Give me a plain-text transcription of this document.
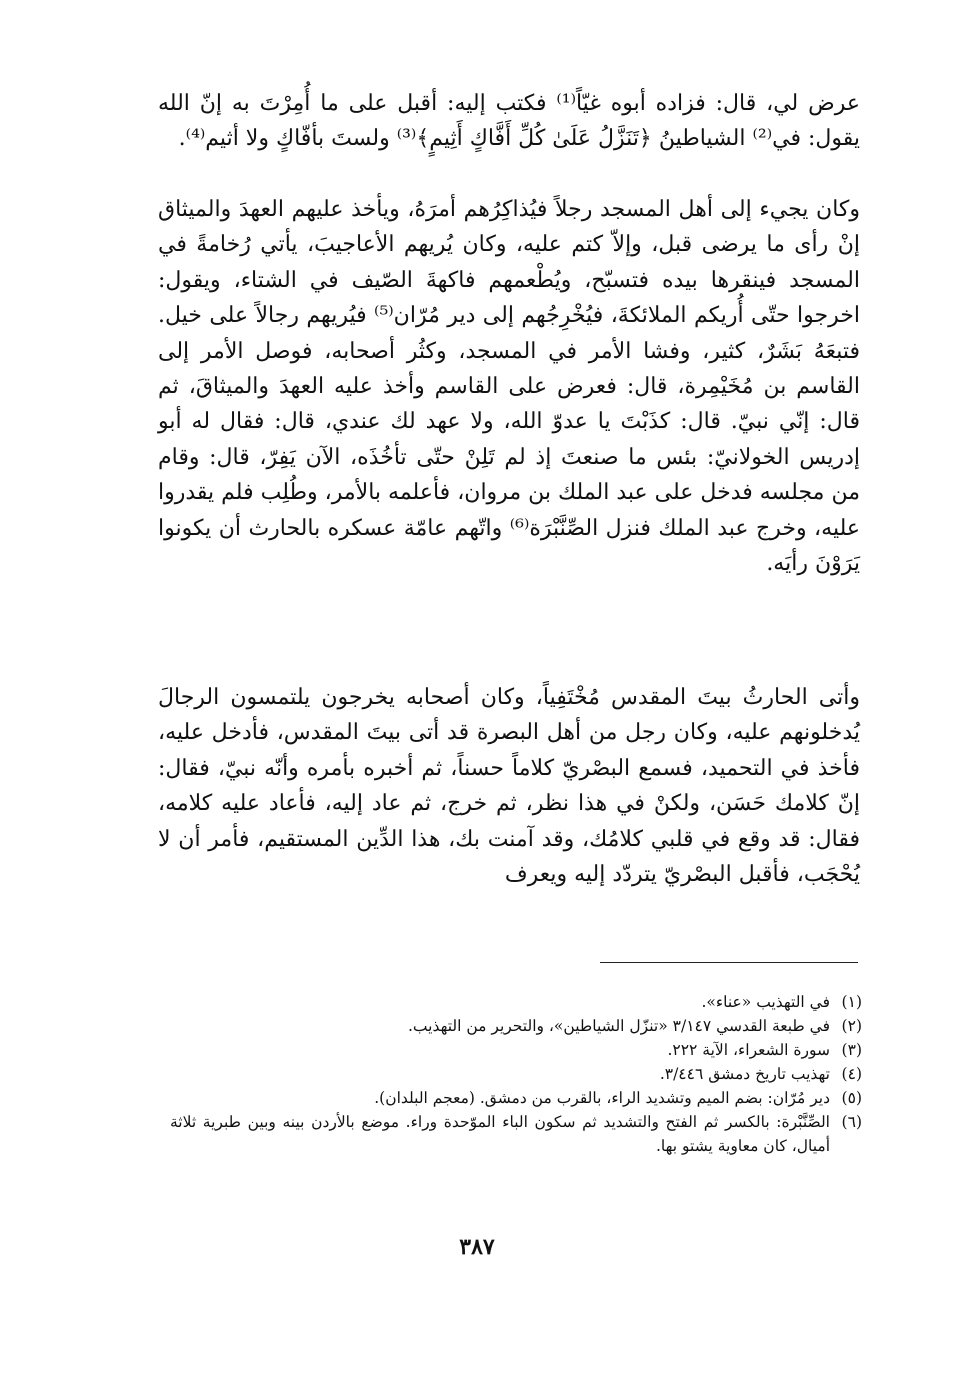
عرض لي، قال: فزاده أبوه غيّاً⁽¹⁾ فكتب إليه: أقبل على ما أُمِرْتَ به إنّ الله يقول: في⁽²⁾ الشياطينُ ﴿تَنَزَّلُ عَلَىٰ كُلِّ أَفَّاكٍ أَثِيمٍ﴾⁽³⁾ ولستَ بأفّاكٍ ولا أثيم⁽⁴⁾.

وكان يجيء إلى أهل المسجد رجلاً فيُذاكِرُهم أمرَهُ، ويأخذ عليهم العهدَ والميثاق إنْ رأى ما يرضى قبل، وإلاّ كتم عليه، وكان يُريهم الأعاجيبَ، يأتي رُخامةً في المسجد فينقرها بيده فتسبّح، ويُطْعمهم فاكهةَ الصّيف في الشتاء، ويقول: اخرجوا حتّى أُريكم الملائكةَ، فيُخْرِجُهم إلى دير مُرّان⁽⁵⁾ فيُريهم رجالاً على خيل. فتبعَهُ بَشَرٌ، كثير، وفشا الأمر في المسجد، وكثُر أصحابه، فوصل الأمر إلى القاسم بن مُخَيْمِرة، قال: فعرض على القاسم وأخذ عليه العهدَ والميثاقَ، ثم قال: إنّي نبيّ. قال: كذَبْتَ يا عدوّ الله، ولا عهد لك عندي، قال: فقال له أبو إدريس الخولانيّ: بئس ما صنعتَ إذ لم تَلِنْ حتّى تأخُذَه، الآن يَفِرّ، قال: وقام من مجلسه فدخل على عبد الملك بن مروان، فأعلمه بالأمر، وطُلِب فلم يقدروا عليه، وخرج عبد الملك فنزل الصِّنَّبْرَة⁽⁶⁾ واتّهم عامّة عسكره بالحارث أن يكونوا يَرَوْنَ رأيَه.

وأتى الحارثُ بيتَ المقدس مُخْتَفِياً، وكان أصحابه يخرجون يلتمسون الرجالَ يُدخلونهم عليه، وكان رجل من أهل البصرة قد أتى بيتَ المقدس، فأدخل عليه، فأخذ في التحميد، فسمع البصْريّ كلاماً حسناً، ثم أخبره بأمره وأنّه نبيّ، فقال: إنّ كلامك حَسَن، ولكنْ في هذا نظر، ثم خرج، ثم عاد إليه، فأعاد عليه كلامه، فقال: قد وقع في قلبي كلامُك، وقد آمنت بك، هذا الدِّين المستقيم، فأمر أن لا يُحْجَب، فأقبل البصْريّ يتردّد إليه ويعرف

(١)
في التهذيب «عناء».
(٢)
في طبعة القدسي ٣/١٤٧ «تنزّل الشياطين»، والتحرير من التهذيب.
(٣)
سورة الشعراء، الآية ٢٢٢.
(٤)
تهذيب تاريخ دمشق ٣/٤٤٦.
(٥)
دير مُرّان: بضم الميم وتشديد الراء، بالقرب من دمشق. (معجم البلدان).
(٦)
الصِّنَّبْرة: بالكسر ثم الفتح والتشديد ثم سكون الباء الموّحدة وراء. موضع بالأردن بينه وبين طبرية ثلاثة أميال، كان معاوية يشتو بها.
٣٨٧
